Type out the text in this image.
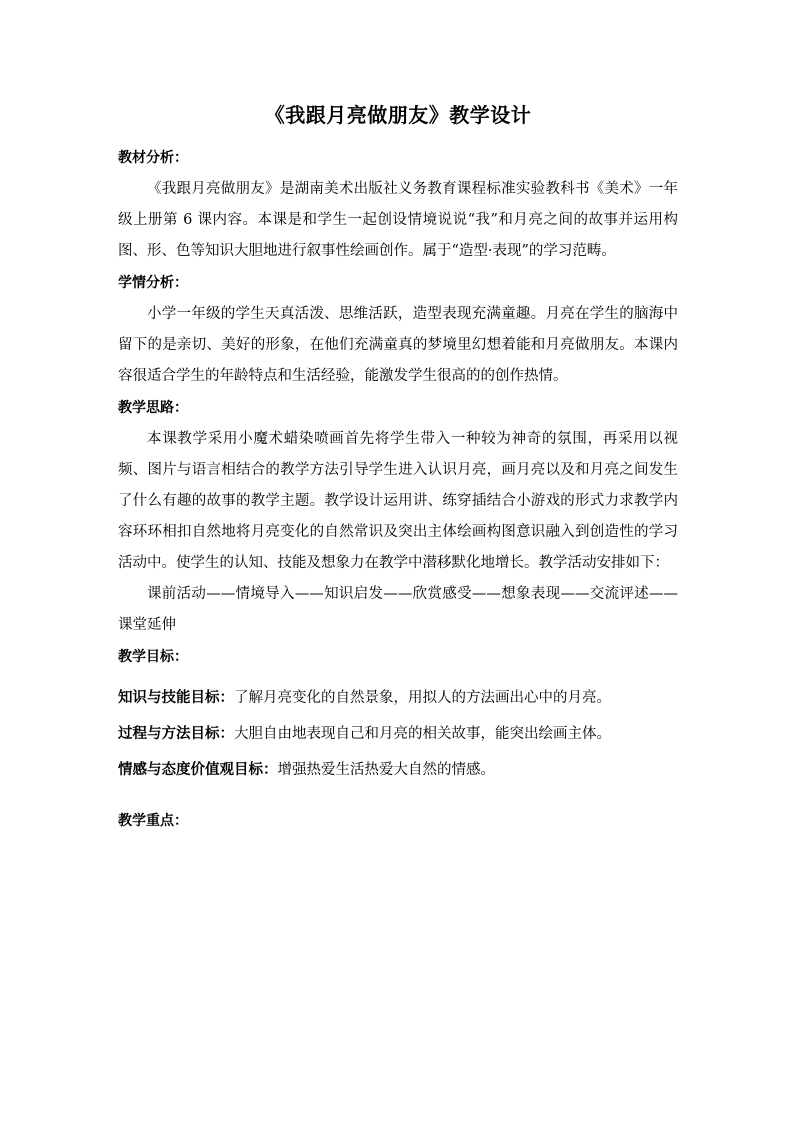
《我跟月亮做朋友》教学设计

教材分析：

《我跟月亮做朋友》是湖南美术出版社义务教育课程标准实验教科书《美术》一年级上册第 6 课内容。本课是和学生一起创设情境说说“我”和月亮之间的故事并运用构图、形、色等知识大胆地进行叙事性绘画创作。属于“造型·表现”的学习范畴。

学情分析：

小学一年级的学生天真活泼、思维活跃，造型表现充满童趣。月亮在学生的脑海中留下的是亲切、美好的形象，在他们充满童真的梦境里幻想着能和月亮做朋友。本课内容很适合学生的年龄特点和生活经验，能激发学生很高的的创作热情。

教学思路：

本课教学采用小魔术蜡染喷画首先将学生带入一种较为神奇的氛围，再采用以视频、图片与语言相结合的教学方法引导学生进入认识月亮，画月亮以及和月亮之间发生了什么有趣的故事的教学主题。教学设计运用讲、练穿插结合小游戏的形式力求教学内容环环相扣自然地将月亮变化的自然常识及突出主体绘画构图意识融入到创造性的学习活动中。使学生的认知、技能及想象力在教学中潜移默化地增长。教学活动安排如下：

课前活动——情境导入——知识启发——欣赏感受——想象表现——交流评述——课堂延伸

教学目标：

知识与技能目标：了解月亮变化的自然景象，用拟人的方法画出心中的月亮。

过程与方法目标：大胆自由地表现自己和月亮的相关故事，能突出绘画主体。

情感与态度价值观目标：增强热爱生活热爱大自然的情感。

教学重点：
